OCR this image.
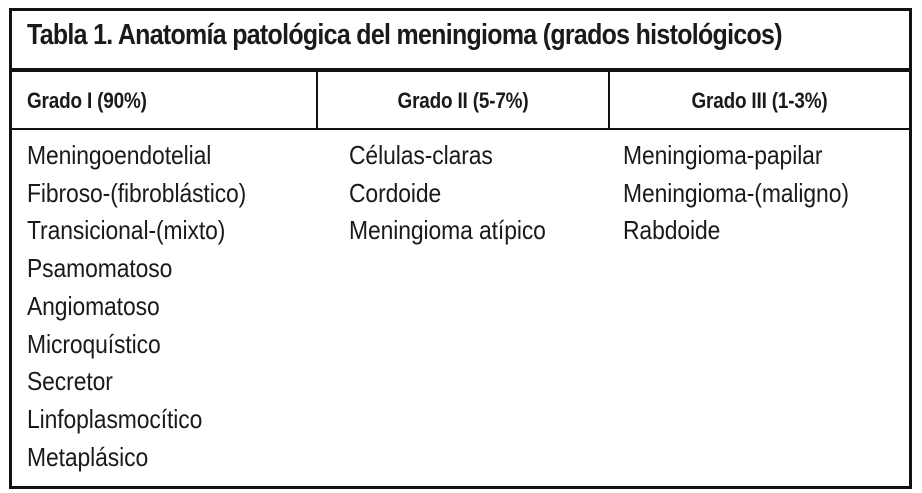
Tabla 1. Anatomía patológica del meningioma (grados histológicos)
Grado I (90%)	Grado II (5-7%)	Grado III (1-3%)
Meningoendotelial
Fibroso-(fibroblástico)
Transicional-(mixto)
Psamomatoso
Angiomatoso
Microquístico
Secretor
Linfoplasmocítico
Metaplásico
Células-claras
Cordoide
Meningioma atípico
Meningioma-papilar
Meningioma-(maligno)
Rabdoide
